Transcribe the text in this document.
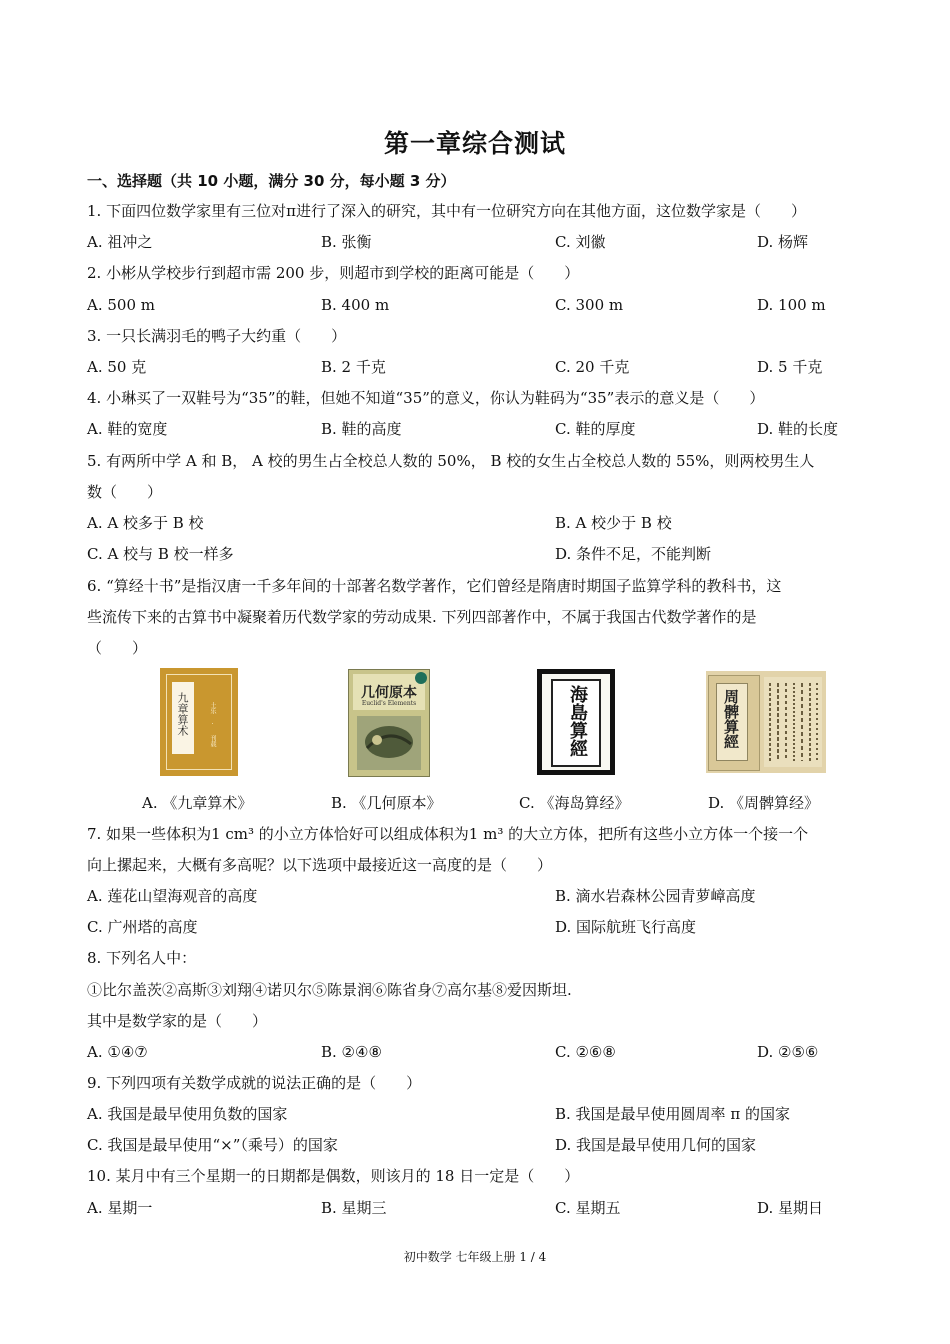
第一章综合测试
一、选择题（共 10 小题，满分 30 分，每小题 3 分）
1. 下面四位数学家里有三位对π进行了深入的研究，其中有一位研究方向在其他方面，这位数学家是（　　）
A. 祖冲之	B. 张衡	C. 刘徽	D. 杨辉
2. 小彬从学校步行到超市需 200 步，则超市到学校的距离可能是（　　）
A. 500 m	B. 400 m	C. 300 m	D. 100 m
3. 一只长满羽毛的鸭子大约重（　　）
A. 50 克	B. 2 千克	C. 20 千克	D. 5 千克
4. 小琳买了一双鞋号为“35”的鞋，但她不知道“35”的意义，你认为鞋码为“35”表示的意义是（　　）
A. 鞋的宽度	B. 鞋的高度	C. 鞋的厚度	D. 鞋的长度
5. 有两所中学 A 和 B， A 校的男生占全校总人数的 50%， B 校的女生占全校总人数的 55%，则两校男生人
数（　　）
A. A 校多于 B 校	B. A 校少于 B 校
C. A 校与 B 校一样多	D. 条件不足，不能判断
6. “算经十书”是指汉唐一千多年间的十部著名数学著作，它们曾经是隋唐时期国子监算学科的教科书，这
些流传下来的古算书中凝聚着历代数学家的劳动成果. 下列四部著作中，不属于我国古代数学著作的是
（　　）
九章算术	土乐 · 刊载
几何原本
Euclid's Elements	海島算經	周髀算經
A. 《九章算术》	B. 《几何原本》	C. 《海岛算经》	D. 《周髀算经》
7. 如果一些体积为1 cm³ 的小立方体恰好可以组成体积为1 m³ 的大立方体，把所有这些小立方体一个接一个
向上摞起来，大概有多高呢？以下选项中最接近这一高度的是（　　）
A. 莲花山望海观音的高度	B. 滴水岩森林公园青萝嶂高度
C. 广州塔的高度	D. 国际航班飞行高度
8. 下列名人中：
①比尔盖茨②高斯③刘翔④诺贝尔⑤陈景润⑥陈省身⑦高尔基⑧爱因斯坦.
其中是数学家的是（　　）
A. ①④⑦	B. ②④⑧	C. ②⑥⑧	D. ②⑤⑥
9. 下列四项有关数学成就的说法正确的是（　　）
A. 我国是最早使用负数的国家	B. 我国是最早使用圆周率 π 的国家
C. 我国是最早使用“×”（乘号）的国家	D. 我国是最早使用几何的国家
10. 某月中有三个星期一的日期都是偶数，则该月的 18 日一定是（　　）
A. 星期一	B. 星期三	C. 星期五	D. 星期日
初中数学 七年级上册 1 / 4
